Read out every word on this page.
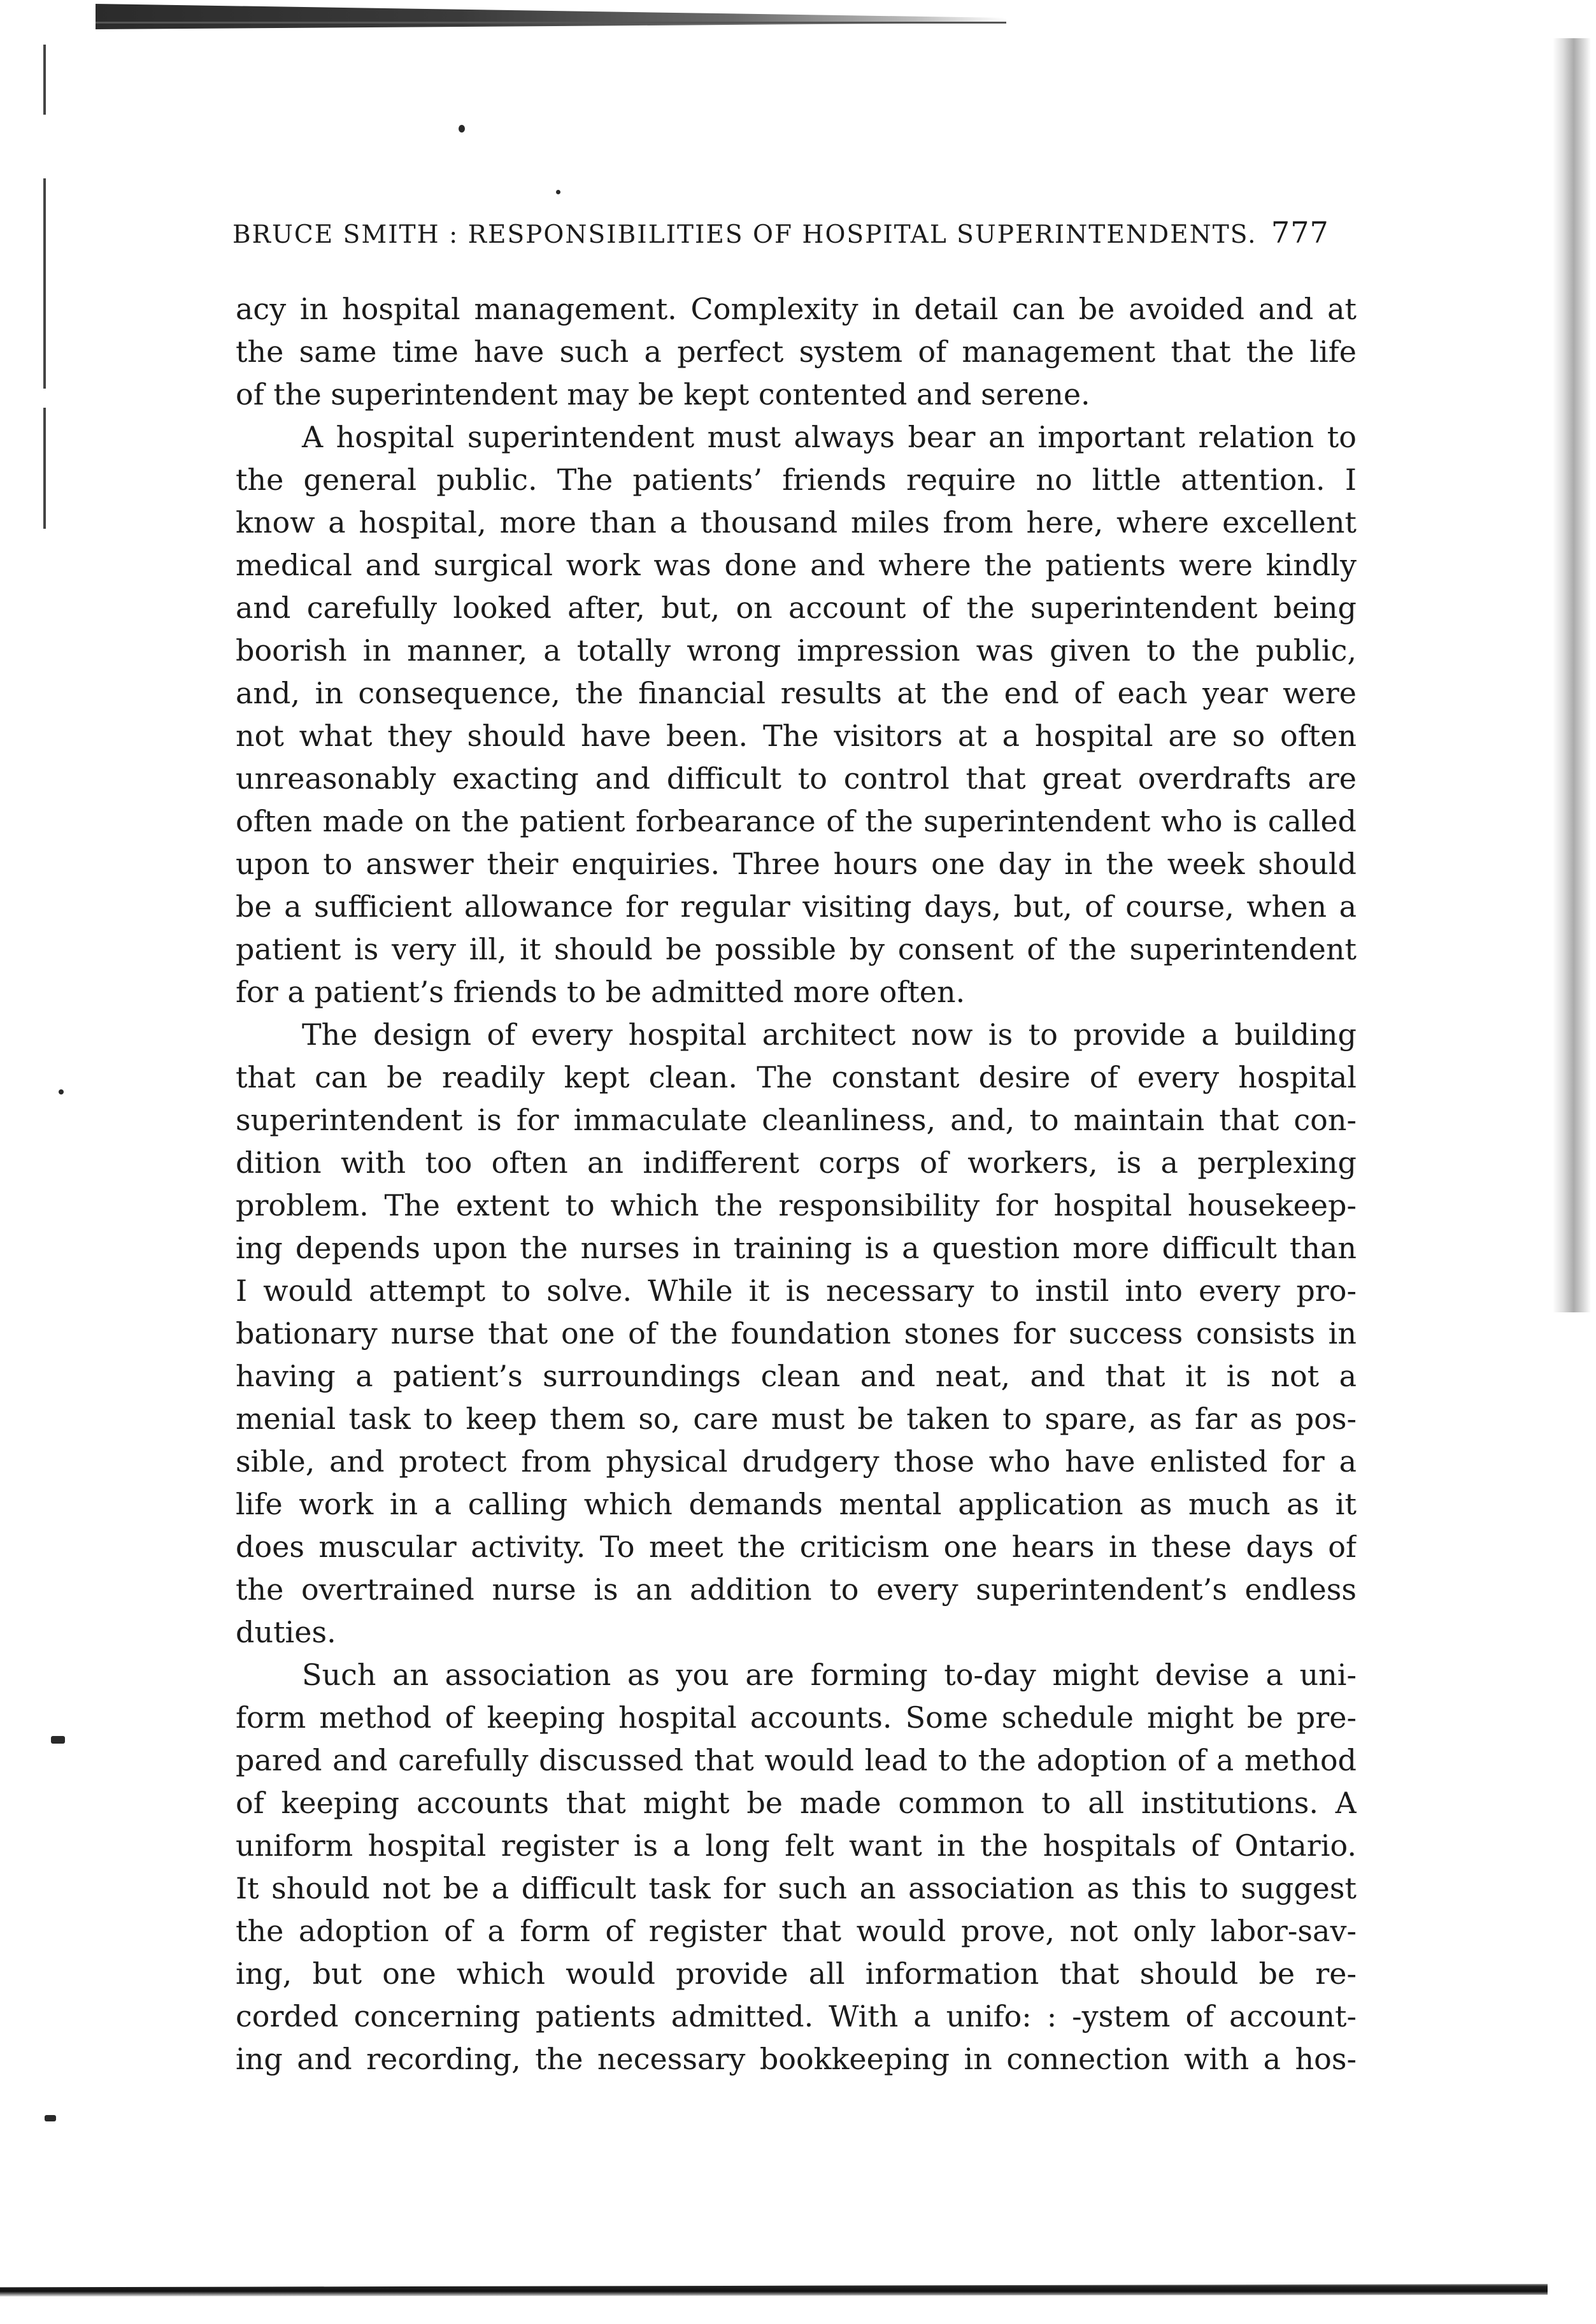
BRUCE SMITH : RESPONSIBILITIES OF HOSPITAL SUPERINTENDENTS. 777
acy in hospital management. Complexity in detail can be avoided and at
the same time have such a perfect system of management that the life
of the superintendent may be kept contented and serene.
A hospital superintendent must always bear an important relation to
the general public. The patients’ friends require no little attention. I
know a hospital, more than a thousand miles from here, where excellent
medical and surgical work was done and where the patients were kindly
and carefully looked after, but, on account of the superintendent being
boorish in manner, a totally wrong impression was given to the public,
and, in consequence, the financial results at the end of each year were
not what they should have been. The visitors at a hospital are so often
unreasonably exacting and difficult to control that great overdrafts are
often made on the patient forbearance of the superintendent who is called
upon to answer their enquiries. Three hours one day in the week should
be a sufficient allowance for regular visiting days, but, of course, when a
patient is very ill, it should be possible by consent of the superintendent
for a patient’s friends to be admitted more often.
The design of every hospital architect now is to provide a building
that can be readily kept clean. The constant desire of every hospital
superintendent is for immaculate cleanliness, and, to maintain that con-
dition with too often an indifferent corps of workers, is a perplexing
problem. The extent to which the responsibility for hospital housekeep-
ing depends upon the nurses in training is a question more difficult than
I would attempt to solve. While it is necessary to instil into every pro-
bationary nurse that one of the foundation stones for success consists in
having a patient’s surroundings clean and neat, and that it is not a
menial task to keep them so, care must be taken to spare, as far as pos-
sible, and protect from physical drudgery those who have enlisted for a
life work in a calling which demands mental application as much as it
does muscular activity. To meet the criticism one hears in these days of
the overtrained nurse is an addition to every superintendent’s endless
duties.
Such an association as you are forming to-day might devise a uni-
form method of keeping hospital accounts. Some schedule might be pre-
pared and carefully discussed that would lead to the adoption of a method
of keeping accounts that might be made common to all institutions. A
uniform hospital register is a long felt want in the hospitals of Ontario.
It should not be a difficult task for such an association as this to suggest
the adoption of a form of register that would prove, not only labor-sav-
ing, but one which would provide all information that should be re-
corded concerning patients admitted. With a unifo: : ‑ystem of account-
ing and recording, the necessary bookkeeping in connection with a hos-
